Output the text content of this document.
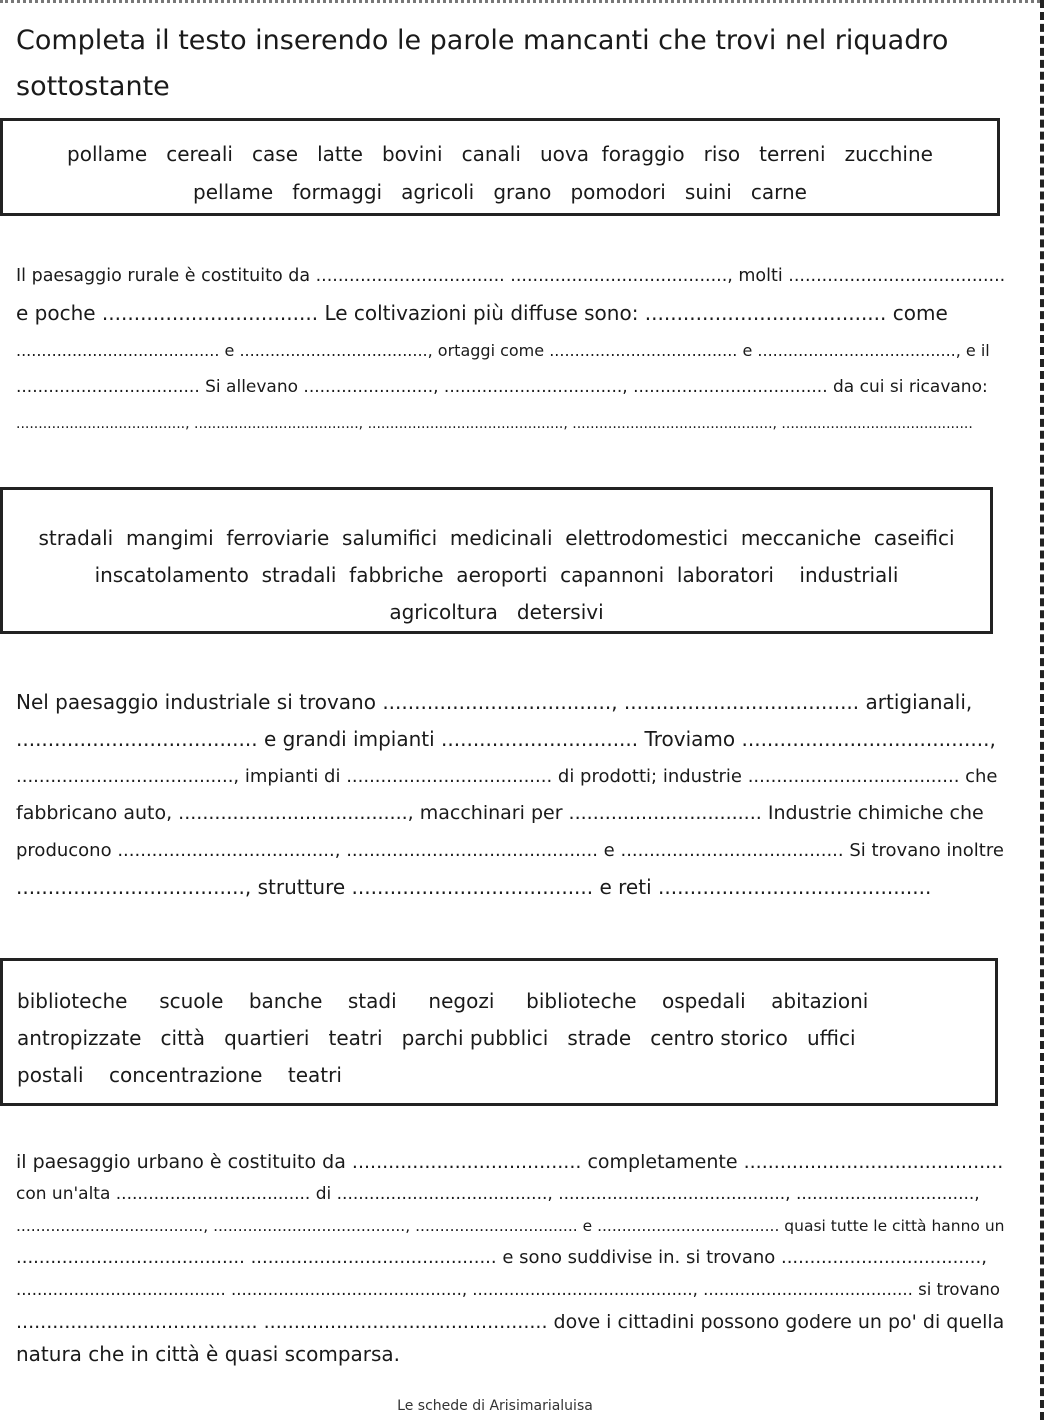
Completa il testo inserendo le parole mancanti che trovi nel riquadro
sottostante
pollame   cereali   case   latte   bovini   canali   uova  foraggio   riso   terreni   zucchine
pellame   formaggi   agricoli   grano   pomodori   suini   carne
Il paesaggio rurale è costituito da .................................. ......................................., molti .......................................
e poche .................................. Le coltivazioni più diffuse sono: ...................................... come
........................................ e ....................................., ortaggi come ..................................... e ......................................., e il
.................................. Si allevano ........................, ................................., .................................... da cui si ricavano:
......................................, ....................................., ............................................, ............................................., ...........................................
stradali  mangimi  ferroviarie  salumifici  medicinali  elettrodomestici  meccaniche  caseifici
inscatolamento  stradali  fabbriche  aeroporti  capannoni  laboratori    industriali
agricoltura   detersivi
Nel paesaggio industriale si trovano ...................................., ..................................... artigianali,
...................................... e grandi impianti ............................... Troviamo .......................................,
......................................, impianti di .................................... di prodotti; industrie ..................................... che
fabbricano auto, ......................................, macchinari per ................................ Industrie chimiche che
producono ......................................, ............................................ e ....................................... Si trovano inoltre
...................................., strutture ...................................... e reti ...........................................
biblioteche     scuole    banche    stadi     negozi     biblioteche    ospedali    abitazioni
antropizzate   città   quartieri   teatri   parchi pubblici   strade   centro storico   uffici
postali    concentrazione    teatri
il paesaggio urbano è costituito da ...................................... completamente ...........................................
con un'alta .................................... di ......................................., .........................................., .................................,
......................................, ......................................., ................................. e ..................................... quasi tutte le città hanno un
........................................ ........................................... e sono suddivise in. si trovano ...................................,
........................................ ............................................, .........................................., ........................................ si trovano
........................................ ............................................... dove i cittadini possono godere un po' di quella
natura che in città è quasi scomparsa.
Le schede di Arisimarialuisa
